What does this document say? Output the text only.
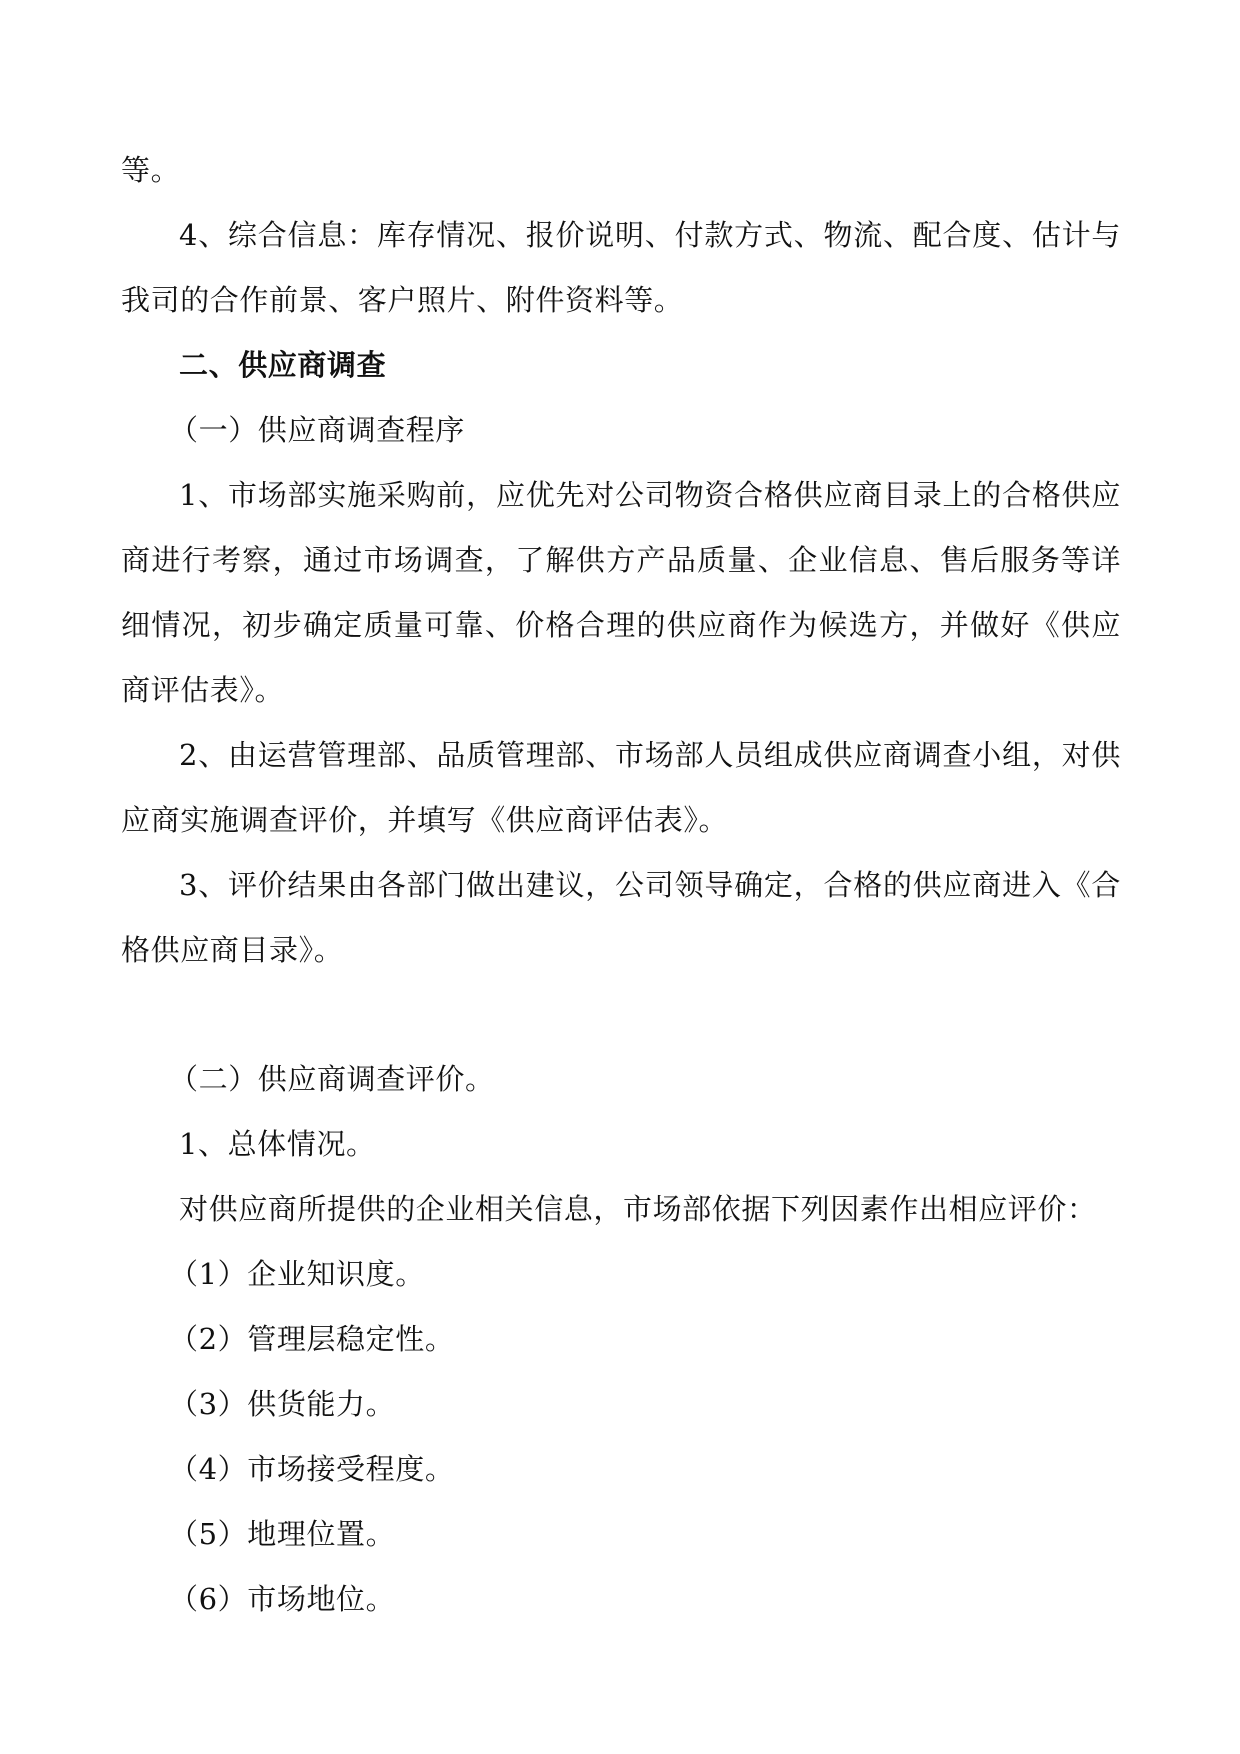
等。

4、综合信息：库存情况、报价说明、付款方式、物流、配合度、估计与我司的合作前景、客户照片、附件资料等。

二、供应商调查

（一）供应商调查程序

1、市场部实施采购前，应优先对公司物资合格供应商目录上的合格供应商进行考察，通过市场调查，了解供方产品质量、企业信息、售后服务等详细情况，初步确定质量可靠、价格合理的供应商作为候选方，并做好《供应商评估表》。

2、由运营管理部、品质管理部、市场部人员组成供应商调查小组，对供应商实施调查评价，并填写《供应商评估表》。

3、评价结果由各部门做出建议，公司领导确定，合格的供应商进入《合格供应商目录》。

（二）供应商调查评价。

1、总体情况。

对供应商所提供的企业相关信息，市场部依据下列因素作出相应评价：

（1）企业知识度。

（2）管理层稳定性。

（3）供货能力。

（4）市场接受程度。

（5）地理位置。

（6）市场地位。
